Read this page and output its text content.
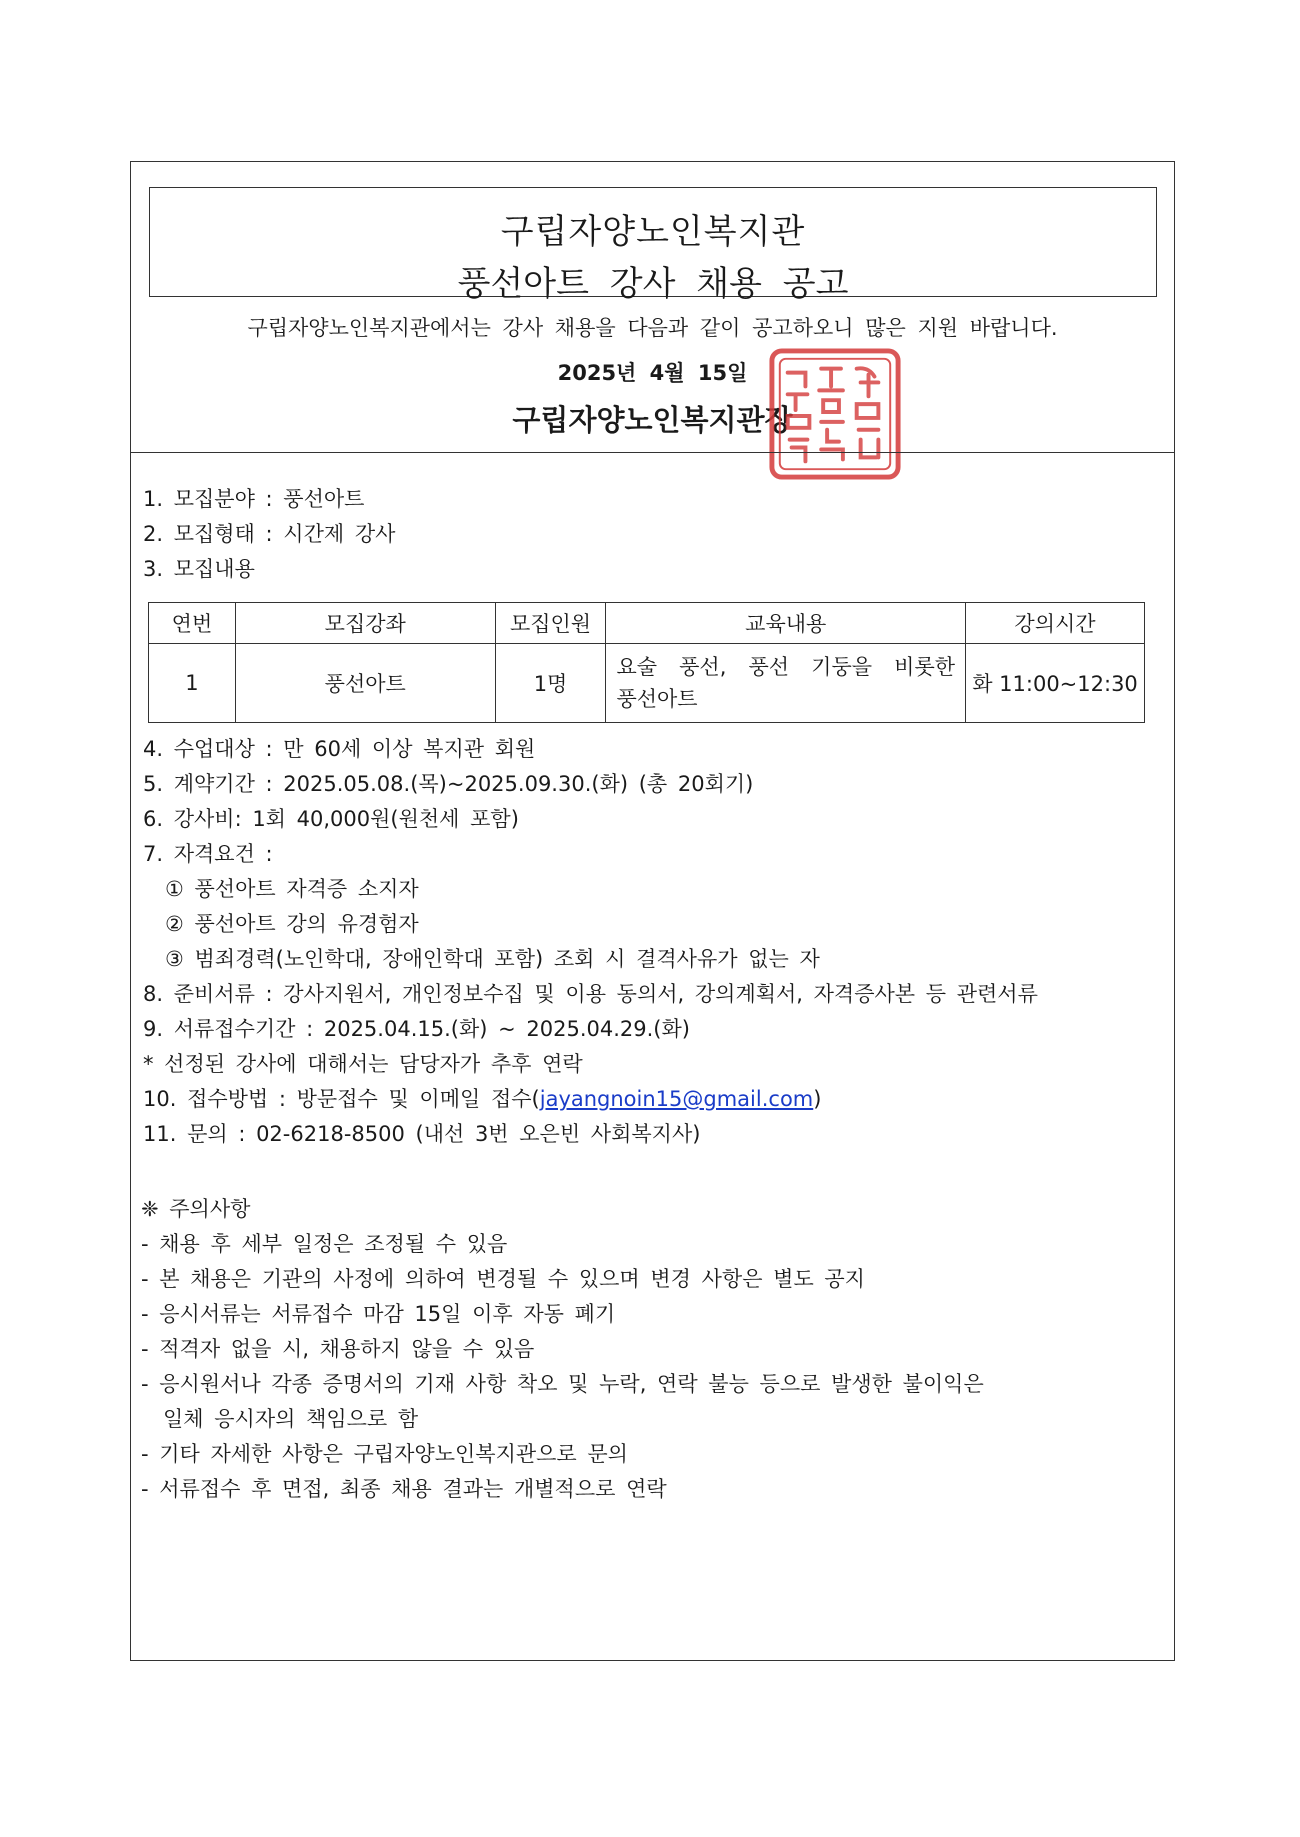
구립자양노인복지관
풍선아트 강사 채용 공고
구립자양노인복지관에서는 강사 채용을 다음과 같이 공고하오니 많은 지원 바랍니다.
2025년 4월 15일
구립자양노인복지관장
1. 모집분야 : 풍선아트
2. 모집형태 : 시간제 강사
3. 모집내용
연번	모집강좌	모집인원	교육내용	강의시간
1	풍선아트	1명	요술 풍선, 풍선 기둥을 비롯한 풍선아트	화 11:00~12:30
4. 수업대상 : 만 60세 이상 복지관 회원
5. 계약기간 : 2025.05.08.(목)~2025.09.30.(화) (총 20회기)
6. 강사비: 1회 40,000원(원천세 포함)
7. 자격요건 :
① 풍선아트 자격증 소지자
② 풍선아트 강의 유경험자
③ 범죄경력(노인학대, 장애인학대 포함) 조회 시 결격사유가 없는 자
8. 준비서류 : 강사지원서, 개인정보수집 및 이용 동의서, 강의계획서, 자격증사본 등 관련서류
9. 서류접수기간 : 2025.04.15.(화) ~ 2025.04.29.(화)
* 선정된 강사에 대해서는 담당자가 추후 연락
10. 접수방법 : 방문접수 및 이메일 접수(jayangnoin15@gmail.com)
11. 문의 : 02-6218-8500 (내선 3번 오은빈 사회복지사)
❈ 주의사항
- 채용 후 세부 일정은 조정될 수 있음
- 본 채용은 기관의 사정에 의하여 변경될 수 있으며 변경 사항은 별도 공지
- 응시서류는 서류접수 마감 15일 이후 자동 폐기
- 적격자 없을 시, 채용하지 않을 수 있음
- 응시원서나 각종 증명서의 기재 사항 착오 및 누락, 연락 불능 등으로 발생한 불이익은
일체 응시자의 책임으로 함
- 기타 자세한 사항은 구립자양노인복지관으로 문의
- 서류접수 후 면접, 최종 채용 결과는 개별적으로 연락
